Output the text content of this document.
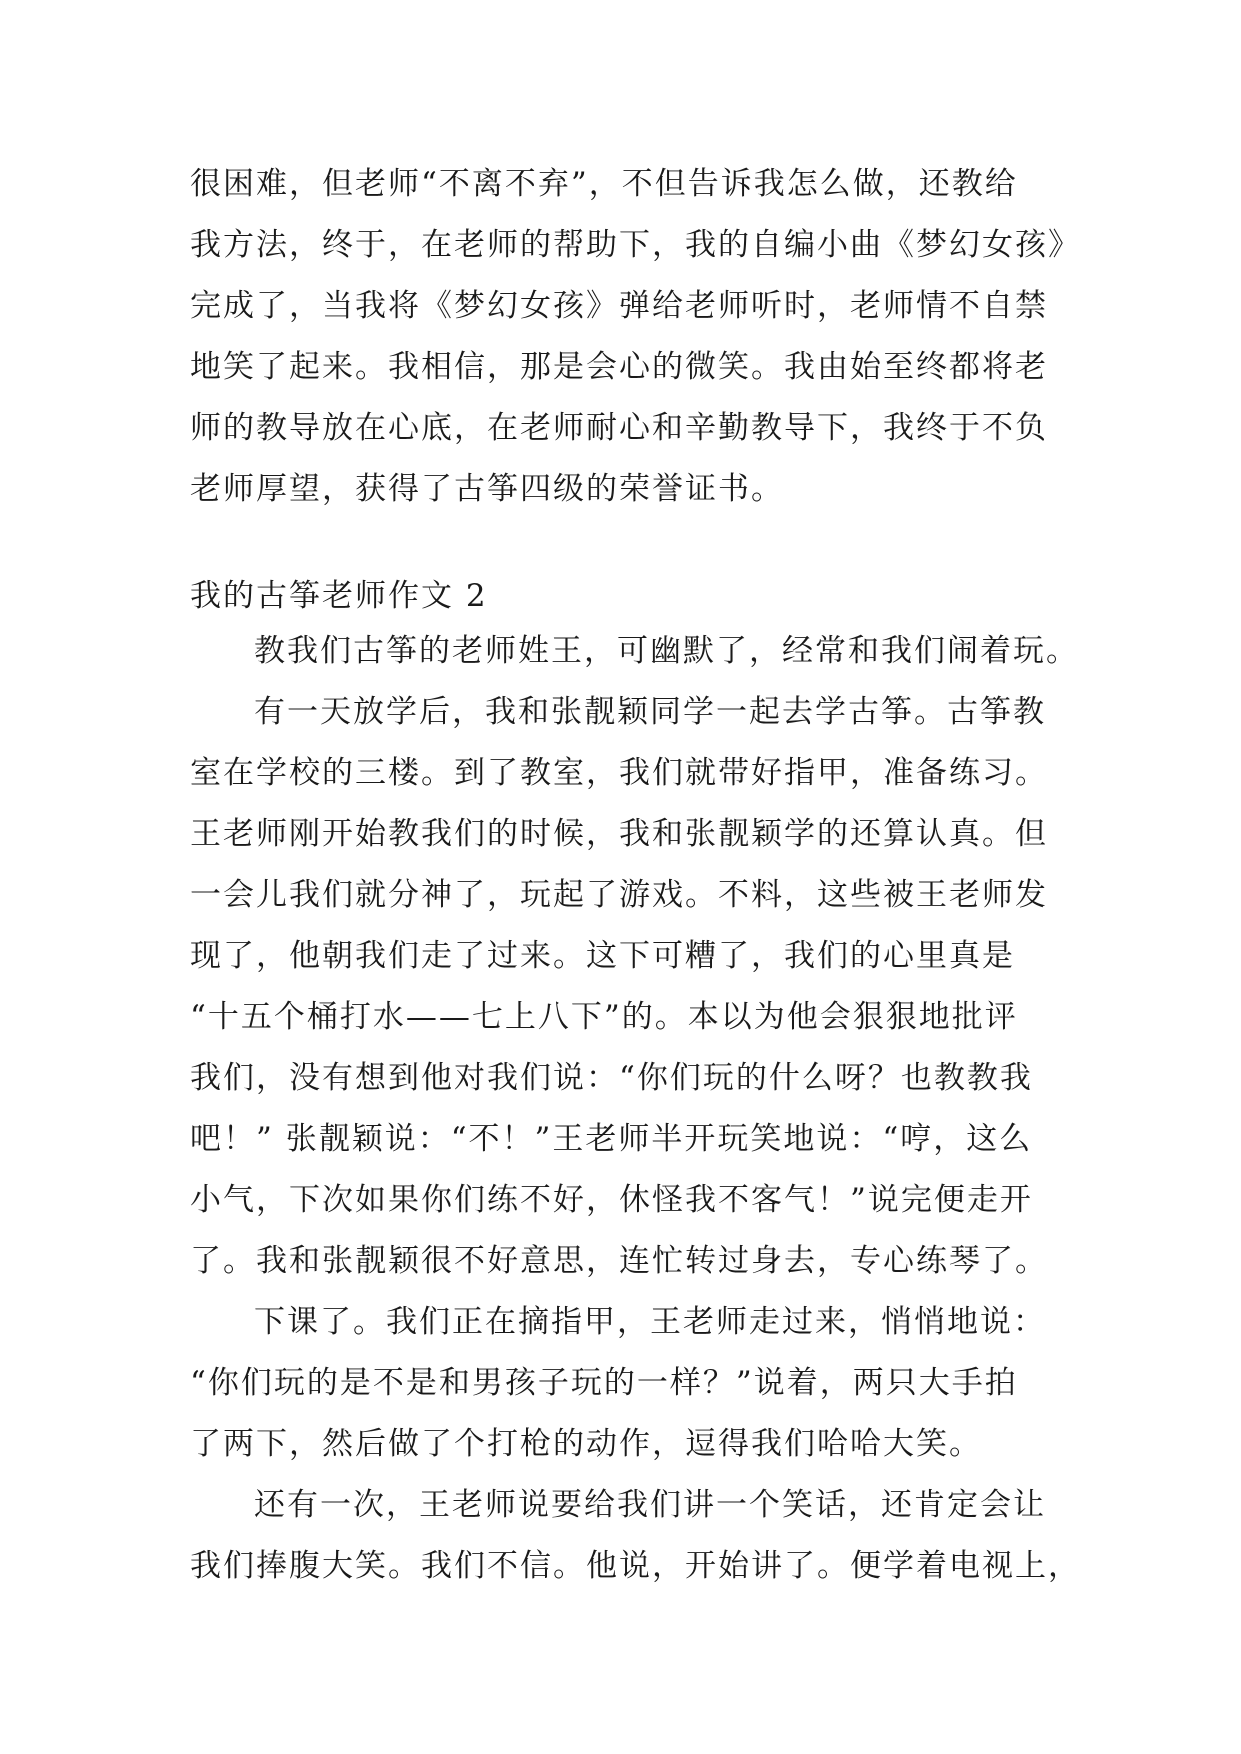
很困难，但老师“不离不弃”，不但告诉我怎么做，还教给
我方法，终于，在老师的帮助下，我的自编小曲《梦幻女孩》
完成了，当我将《梦幻女孩》弹给老师听时，老师情不自禁
地笑了起来。我相信，那是会心的微笑。我由始至终都将老
师的教导放在心底，在老师耐心和辛勤教导下，我终于不负
老师厚望，获得了古筝四级的荣誉证书。
我的古筝老师作文 2
教我们古筝的老师姓王，可幽默了，经常和我们闹着玩。
有一天放学后，我和张靓颖同学一起去学古筝。古筝教
室在学校的三楼。到了教室，我们就带好指甲，准备练习。
王老师刚开始教我们的时候，我和张靓颖学的还算认真。但
一会儿我们就分神了，玩起了游戏。不料，这些被王老师发
现了，他朝我们走了过来。这下可糟了，我们的心里真是
“十五个桶打水——七上八下”的。本以为他会狠狠地批评
我们，没有想到他对我们说：“你们玩的什么呀？也教教我
吧！” 张靓颖说：“不！”王老师半开玩笑地说：“哼，这么
小气，下次如果你们练不好，休怪我不客气！”说完便走开
了。我和张靓颖很不好意思，连忙转过身去，专心练琴了。
下课了。我们正在摘指甲，王老师走过来，悄悄地说：
“你们玩的是不是和男孩子玩的一样？”说着，两只大手拍
了两下，然后做了个打枪的动作，逗得我们哈哈大笑。
还有一次，王老师说要给我们讲一个笑话，还肯定会让
我们捧腹大笑。我们不信。他说，开始讲了。便学着电视上，
